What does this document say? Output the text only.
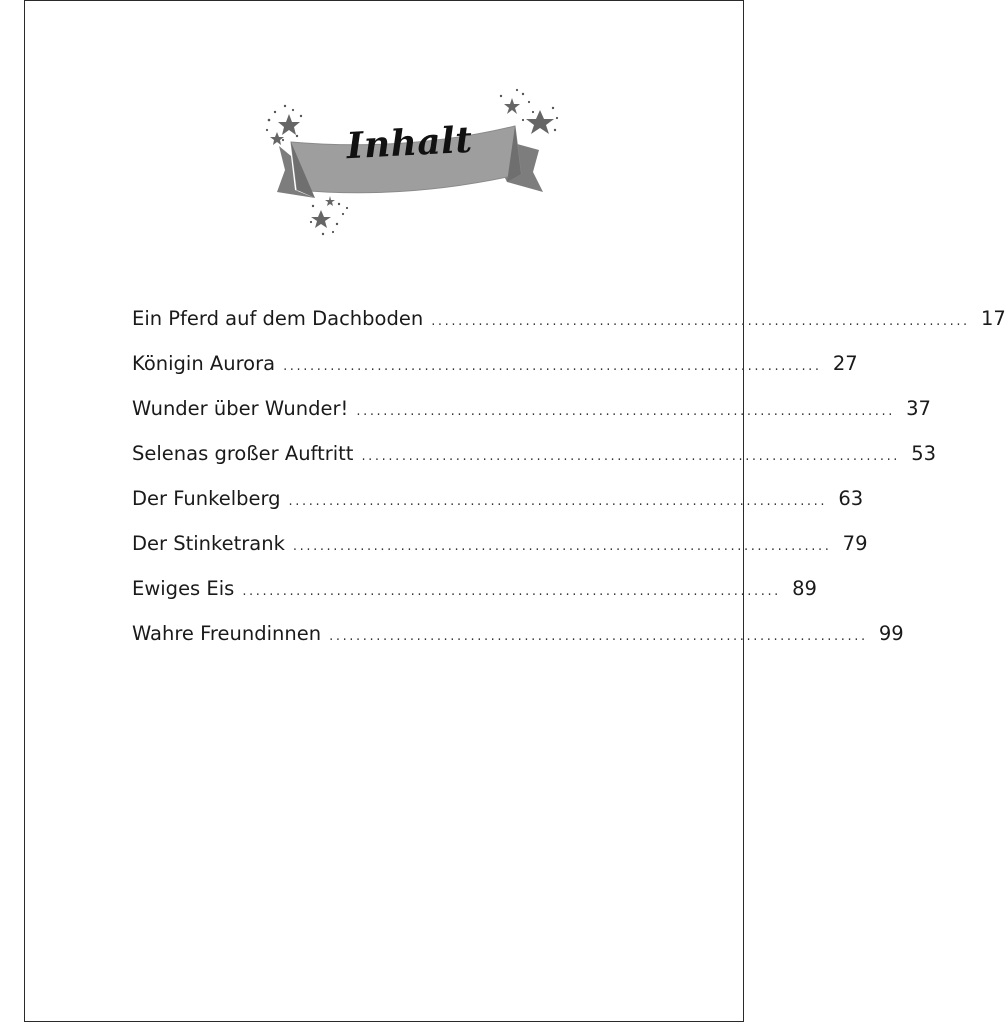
Inhalt
Ein Pferd auf dem Dachboden ................................................................................ 17
Königin Aurora ................................................................................ 27
Wunder über Wunder! ................................................................................ 37
Selenas großer Auftritt ................................................................................ 53
Der Funkelberg ................................................................................ 63
Der Stinketrank ................................................................................ 79
Ewiges Eis ................................................................................ 89
Wahre Freundinnen ................................................................................ 99
